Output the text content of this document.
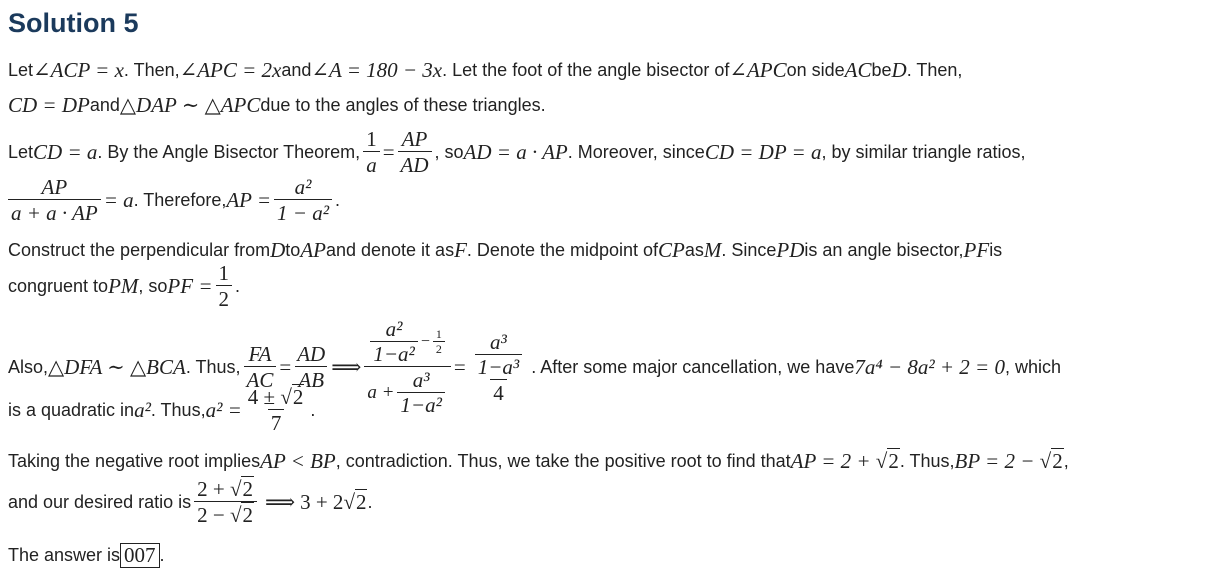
Solution 5
Let ∠ACP = x . Then, ∠APC = 2x and ∠A = 180 − 3x . Let the foot of the angle bisector of ∠APC on side AC be D . Then,
CD = DP and △DAP ∼ △APC due to the angles of these triangles.
Let CD = a . By the Angle Bisector Theorem, $\frac{1}{a} = \frac{AP}{AD}$ , so AD = a · AP . Moreover, since CD = DP = a , by similar triangle ratios,
$\frac{AP}{a + a \cdot AP} = a$ . Therefore, AP = $\frac{\text{a²}}{\text{1 − a²}}$ .
Construct the perpendicular from D to AP and denote it as F . Denote the midpoint of CP as M . Since PD is an angle bisector, PF is
congruent to PM , so PF = $\frac{1}{2}$ .
Also, △DFA ∼ △BCA . Thus, $\frac{FA}{AC} = \frac{AD}{AB}$ ⟹
$\frac{\text{a²}}{\text{1−a²}} - \frac{1}{2}$
$a + \frac{\text{a³}}{\text{1−a²}}$
= $\frac{\frac{\text{a³}}{\text{1−a³}}}{4}$ . After some major cancellation, we have 7a⁴ − 8a² + 2 = 0 , which
is a quadratic in a² . Thus, $a^2 = \frac{4 \pm √2}{7}$ .
Taking the negative root implies AP < BP , contradiction. Thus, we take the positive root to find that AP = 2 + √2 . Thus, BP = 2 − √2 ,
and our desired ratio is $\frac{2 + √2}{2 - √2}$ ⟹ 3 + 2√2 .
The answer is 007 .
